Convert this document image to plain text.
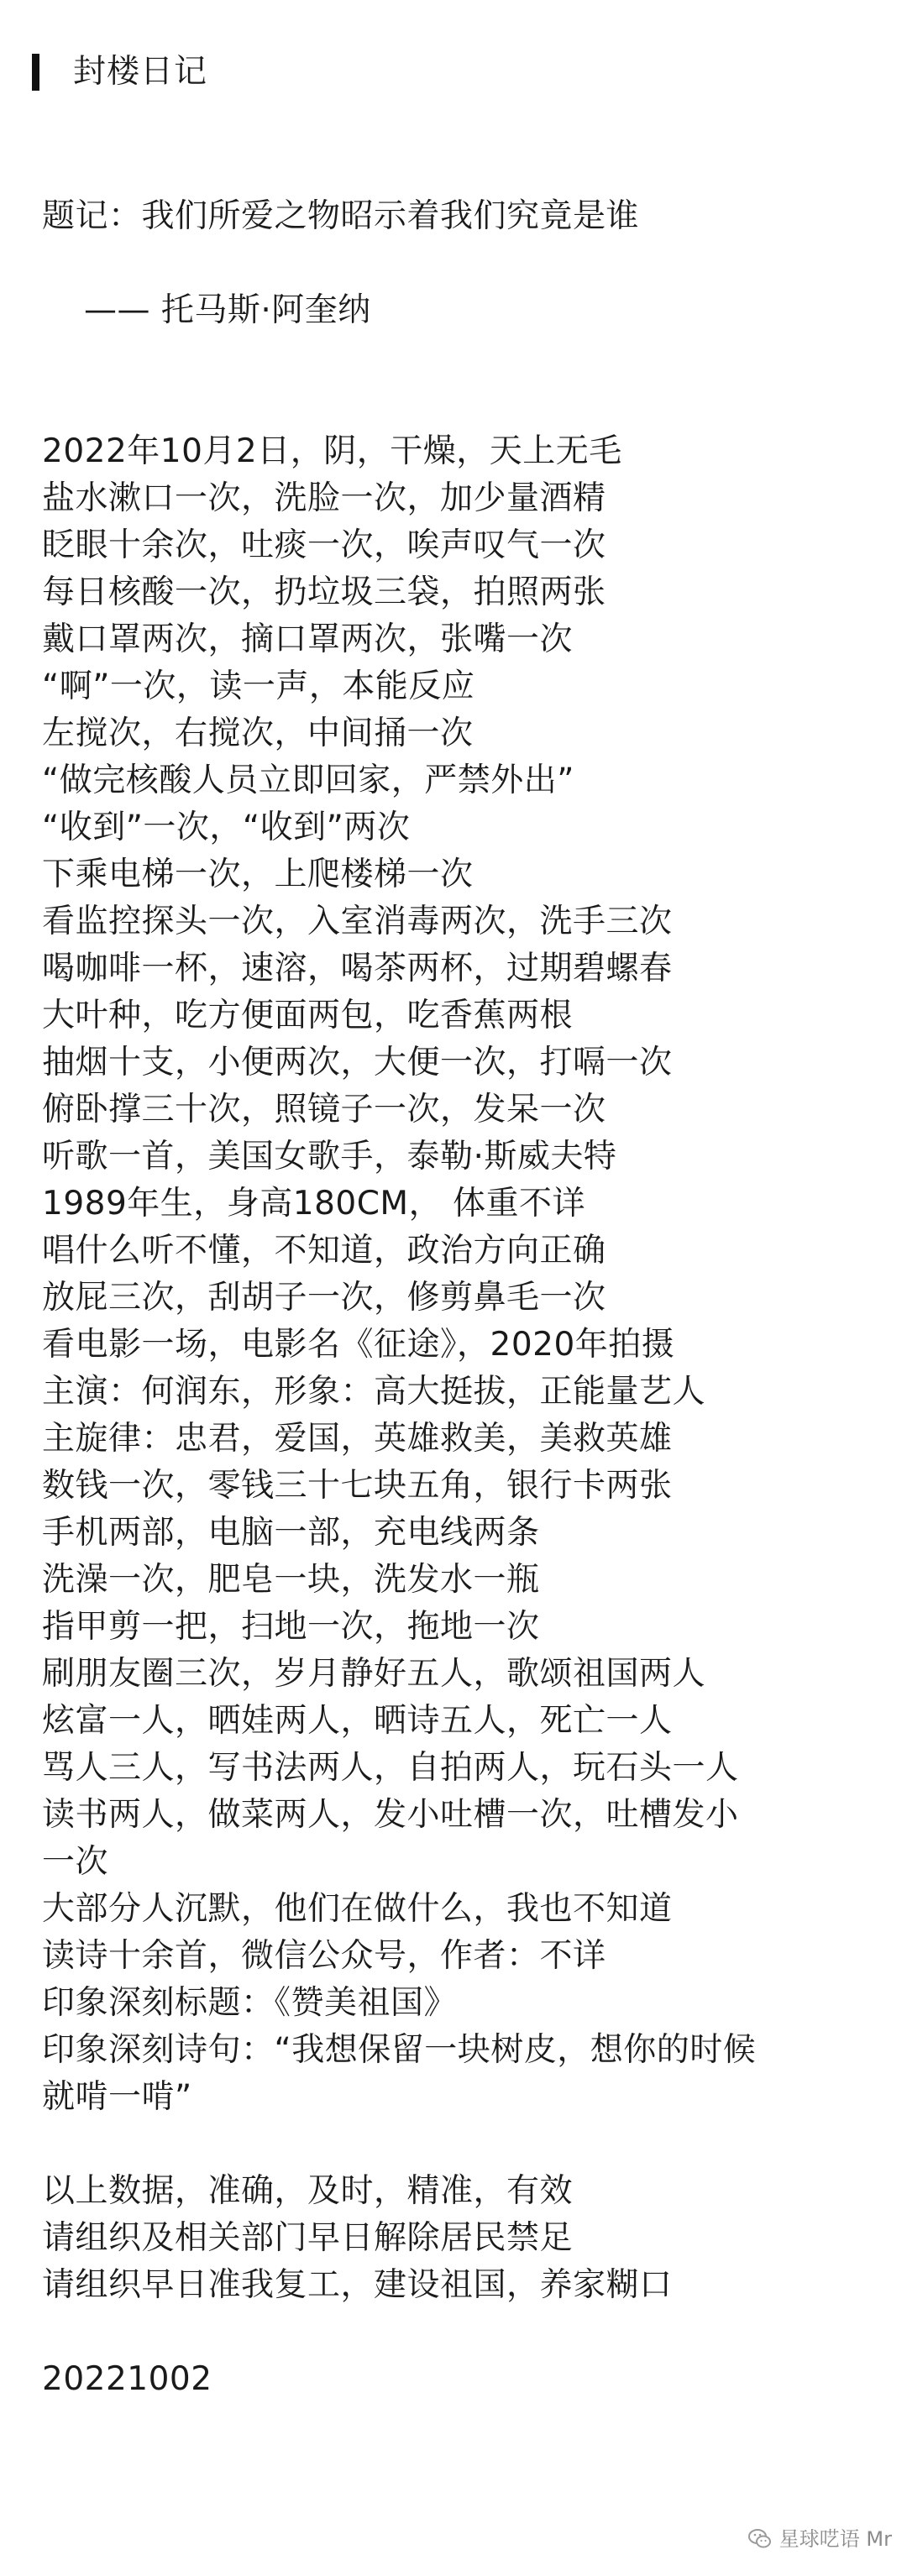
封楼日记
题记：我们所爱之物昭示着我们究竟是谁
—— 托马斯·阿奎纳
2022年10月2日，阴，干燥，天上无毛
盐水漱口一次，洗脸一次，加少量酒精
眨眼十余次，吐痰一次，唉声叹气一次
每日核酸一次，扔垃圾三袋，拍照两张
戴口罩两次，摘口罩两次，张嘴一次
“啊”一次，读一声，本能反应
左搅次，右搅次，中间捅一次
“做完核酸人员立即回家，严禁外出”
“收到”一次，“收到”两次
下乘电梯一次，上爬楼梯一次
看监控探头一次，入室消毒两次，洗手三次
喝咖啡一杯，速溶，喝茶两杯，过期碧螺春
大叶种，吃方便面两包，吃香蕉两根
抽烟十支，小便两次，大便一次，打嗝一次
俯卧撑三十次，照镜子一次，发呆一次
听歌一首，美国女歌手，泰勒·斯威夫特
1989年生，身高180CM， 体重不详
唱什么听不懂，不知道，政治方向正确
放屁三次，刮胡子一次，修剪鼻毛一次
看电影一场，电影名《征途》，2020年拍摄
主演：何润东，形象：高大挺拔，正能量艺人
主旋律：忠君，爱国，英雄救美，美救英雄
数钱一次，零钱三十七块五角，银行卡两张
手机两部，电脑一部，充电线两条
洗澡一次，肥皂一块，洗发水一瓶
指甲剪一把，扫地一次，拖地一次
刷朋友圈三次，岁月静好五人，歌颂祖国两人
炫富一人，晒娃两人，晒诗五人，死亡一人
骂人三人，写书法两人，自拍两人，玩石头一人
读书两人，做菜两人，发小吐槽一次，吐槽发小
一次
大部分人沉默，他们在做什么，我也不知道
读诗十余首，微信公众号，作者：不详
印象深刻标题：《赞美祖国》
印象深刻诗句：“我想保留一块树皮，想你的时候
就啃一啃”
以上数据，准确，及时，精准，有效
请组织及相关部门早日解除居民禁足
请组织早日准我复工，建设祖国，养家糊口
20221002
星球呓语 Mr
